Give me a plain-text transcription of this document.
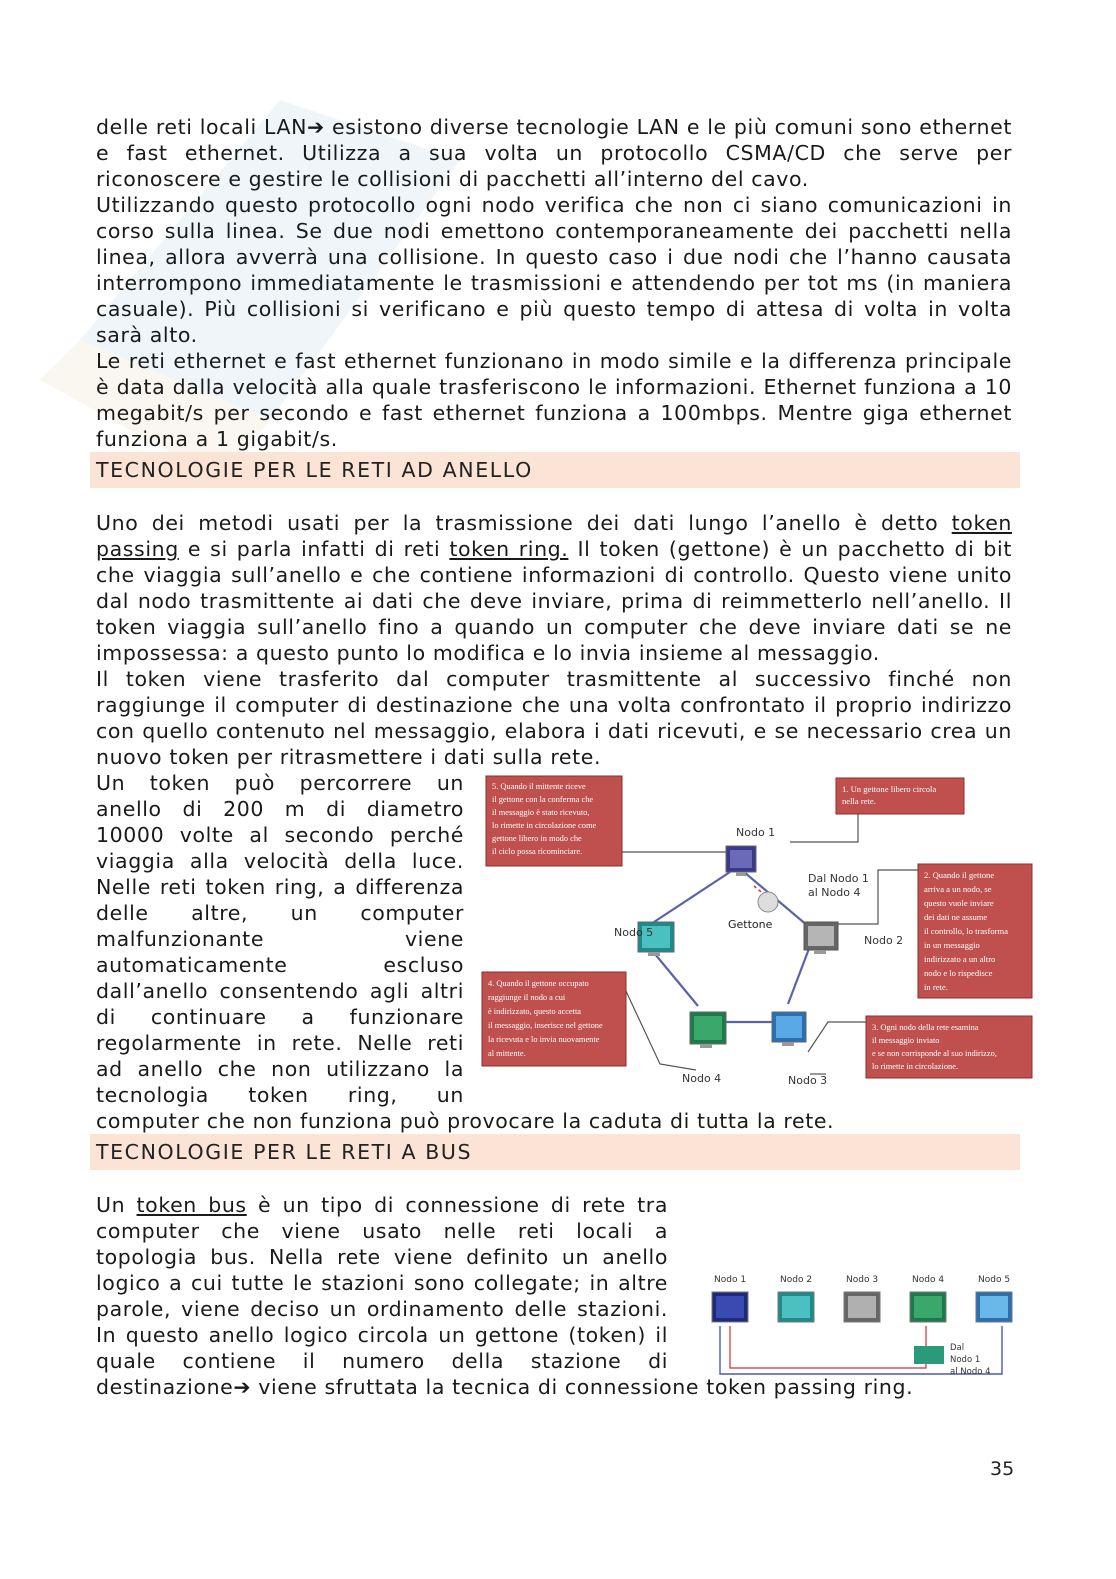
delle reti locali LAN➔ esistono diverse tecnologie LAN e le più comuni sono ethernet e fast ethernet. Utilizza a sua volta un protocollo CSMA/CD che serve per riconoscere e gestire le collisioni di pacchetti all’interno del cavo.

Utilizzando questo protocollo ogni nodo verifica che non ci siano comunicazioni in corso sulla linea. Se due nodi emettono contemporaneamente dei pacchetti nella linea, allora avverrà una collisione. In questo caso i due nodi che l’hanno causata interrompono immediatamente le trasmissioni e attendendo per tot ms (in maniera casuale). Più collisioni si verificano e più questo tempo di attesa di volta in volta sarà alto.

Le reti ethernet e fast ethernet funzionano in modo simile e la differenza principale è data dalla velocità alla quale trasferiscono le informazioni. Ethernet funziona a 10 megabit/s per secondo e fast ethernet funziona a 100mbps. Mentre giga ethernet funziona a 1 gigabit/s.

TECNOLOGIE PER LE RETI AD ANELLO

Uno dei metodi usati per la trasmissione dei dati lungo l’anello è detto token passing e si parla infatti di reti token ring. Il token (gettone) è un pacchetto di bit che viaggia sull’anello e che contiene informazioni di controllo. Questo viene unito dal nodo trasmittente ai dati che deve inviare, prima di reimmetterlo nell’anello. Il token viaggia sull’anello fino a quando un computer che deve inviare dati se ne impossessa: a questo punto lo modifica e lo invia insieme al messaggio.

Il token viene trasferito dal computer trasmittente al successivo finché non raggiunge il computer di destinazione che una volta confrontato il proprio indirizzo con quello contenuto nel messaggio, elabora i dati ricevuti, e se necessario crea un nuovo token per ritrasmettere i dati sulla rete.

Gettone
Nodo 1
Nodo 2
Nodo 3
Nodo 4
Nodo 5
Dal Nodo 1
al Nodo 4
1. Un gettone libero circola
nella rete.
2. Quando il gettone
arriva a un nodo, se
questo vuole inviare
dei dati ne assume
il controllo, lo trasforma
in un messaggio
indirizzato a un altro
nodo e lo rispedisce
in rete.
3. Ogni nodo della rete esamina
il messaggio inviato
e se non corrisponde al suo indirizzo,
lo rimette in circolazione.
4. Quando il gettone occupato
raggiunge il nodo a cui
è indirizzato, questo accetta
il messaggio, inserisce nel gettone
la ricevuta e lo invia nuovamente
al mittente.
5. Quando il mittente riceve
il gettone con la conferma che
il messaggio è stato ricevuto,
lo rimette in circolazione come
gettone libero in modo che
il ciclo possa ricominciare.

Un token può percorrere un anello di 200 m di diametro 10000 volte al secondo perché viaggia alla velocità della luce. Nelle reti token ring, a differenza delle altre, un computer malfunzionante viene automaticamente escluso dall’anello consentendo agli altri di continuare a funzionare regolarmente in rete. Nelle reti ad anello che non utilizzano la tecnologia token ring, un computer che non funziona può provocare la caduta di tutta la rete.

TECNOLOGIE PER LE RETI A BUS

Un token bus è un tipo di connessione di rete tra computer che viene usato nelle reti locali a topologia bus. Nella rete viene definito un anello logico a cui tutte le stazioni sono collegate; in altre parole, viene deciso un ordinamento delle stazioni. In questo anello logico circola un gettone (token) il quale contiene il numero della stazione di destinazione➔ viene sfruttata la tecnica di connessione token passing ring.

Nodo 1	Nodo 2	Nodo 3	Nodo 4	Nodo 5
Dal
Nodo 1
al Nodo 4
35
